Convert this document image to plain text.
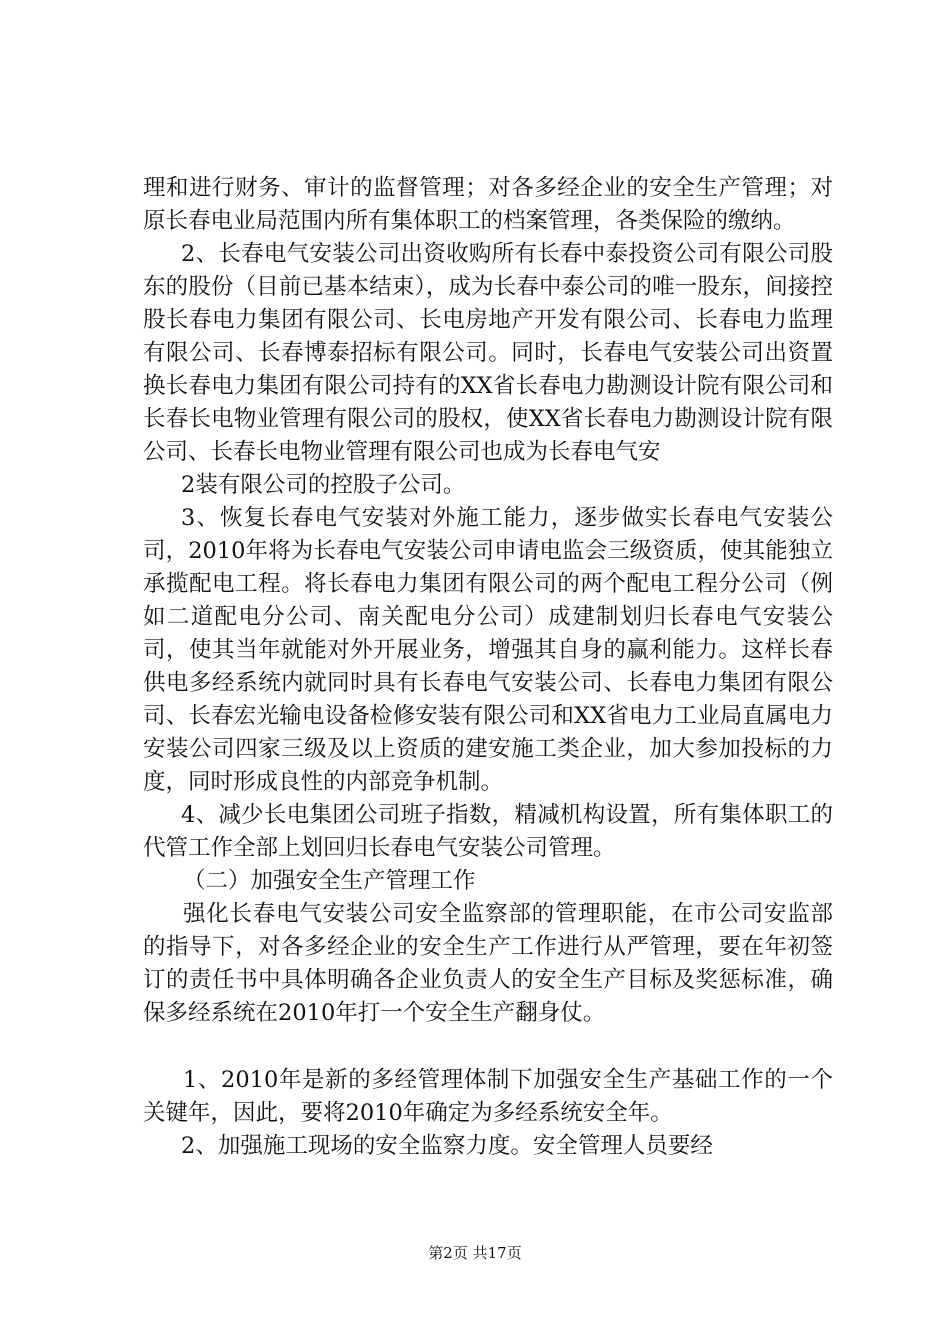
理和进行财务、审计的监督管理；对各多经企业的安全生产管理；对原长春电业局范围内所有集体职工的档案管理，各类保险的缴纳。

2、长春电气安装公司出资收购所有长春中泰投资公司有限公司股东的股份（目前已基本结束），成为长春中泰公司的唯一股东，间接控股长春电力集团有限公司、长电房地产开发有限公司、长春电力监理有限公司、长春博泰招标有限公司。同时，长春电气安装公司出资置换长春电力集团有限公司持有的XX省长春电力勘测设计院有限公司和长春长电物业管理有限公司的股权，使XX省长春电力勘测设计院有限公司、长春长电物业管理有限公司也成为长春电气安

2装有限公司的控股子公司。

3、恢复长春电气安装对外施工能力，逐步做实长春电气安装公司，2010年将为长春电气安装公司申请电监会三级资质，使其能独立承揽配电工程。将长春电力集团有限公司的两个配电工程分公司（例如二道配电分公司、南关配电分公司）成建制划归长春电气安装公司，使其当年就能对外开展业务，增强其自身的赢利能力。这样长春供电多经系统内就同时具有长春电气安装公司、长春电力集团有限公司、长春宏光输电设备检修安装有限公司和XX省电力工业局直属电力安装公司四家三级及以上资质的建安施工类企业，加大参加投标的力度，同时形成良性的内部竞争机制。

4、减少长电集团公司班子指数，精减机构设置，所有集体职工的代管工作全部上划回归长春电气安装公司管理。

（二）加强安全生产管理工作

强化长春电气安装公司安全监察部的管理职能，在市公司安监部的指导下，对各多经企业的安全生产工作进行从严管理，要在年初签订的责任书中具体明确各企业负责人的安全生产目标及奖惩标准，确保多经系统在2010年打一个安全生产翻身仗。

1、2010年是新的多经管理体制下加强安全生产基础工作的一个关键年，因此，要将2010年确定为多经系统安全年。

2、加强施工现场的安全监察力度。安全管理人员要经

第2页 共17页
